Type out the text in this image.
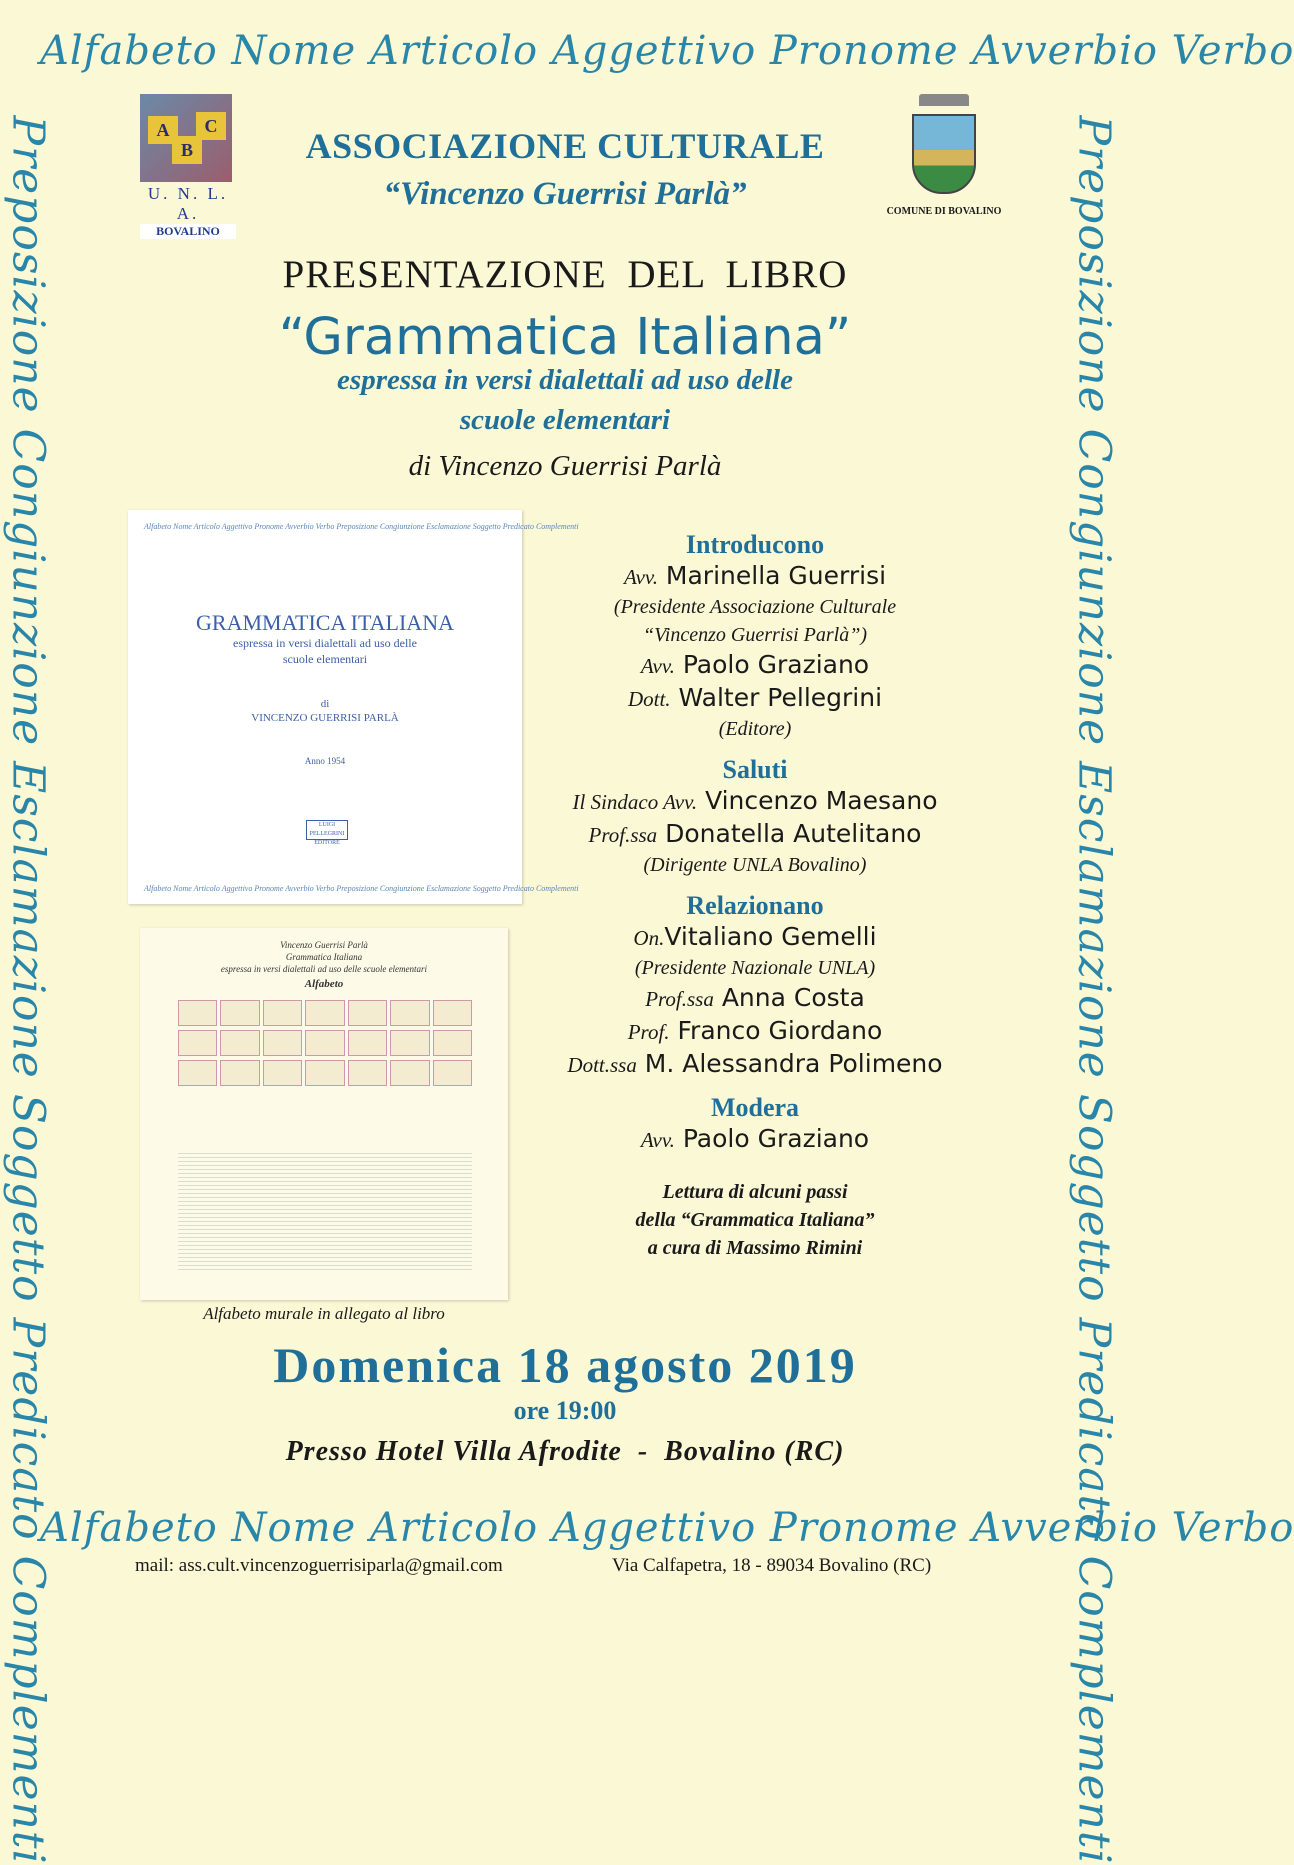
Alfabeto Nome Articolo Aggettivo Pronome Avverbio Verbo
Alfabeto Nome Articolo Aggettivo Pronome Avverbio Verbo
Preposizione Congiunzione Esclamazione Soggetto Predicato Complementi	Preposizione Congiunzione Esclamazione Soggetto Predicato Complementi
A
B
C
U. N. L. A.
BOVALINO
COMUNE DI BOVALINO
ASSOCIAZIONE CULTURALE
“Vincenzo Guerrisi Parlà”
PRESENTAZIONE DEL LIBRO
“Grammatica Italiana”
espressa in versi dialettali ad uso delle
scuole elementari
di Vincenzo Guerrisi Parlà
Alfabeto Nome Articolo Aggettivo Pronome Avverbio Verbo Preposizione Congiunzione Esclamazione Soggetto Predicato Complementi
Alfabeto Nome Articolo Aggettivo Pronome Avverbio Verbo Preposizione Congiunzione Esclamazione Soggetto Predicato Complementi
GRAMMATICA ITALIANA
espressa in versi dialettali ad uso delle
scuole elementari
di
VINCENZO GUERRISI PARLÀ
Anno 1954
LUIGI PELLEGRINI EDITORE
Vincenzo Guerrisi Parlà
Grammatica Italiana
espressa in versi dialettali ad uso delle scuole elementari
Alfabeto
Alfabeto murale in allegato al libro
Introducono
Avv. Marinella Guerrisi
(Presidente Associazione Culturale
“Vincenzo Guerrisi Parlà”)
Avv. Paolo Graziano
Dott. Walter Pellegrini
(Editore)
Saluti
Il Sindaco Avv. Vincenzo Maesano
Prof.ssa Donatella Autelitano
(Dirigente UNLA Bovalino)
Relazionano
On.Vitaliano Gemelli
(Presidente Nazionale UNLA)
Prof.ssa Anna Costa
Prof. Franco Giordano
Dott.ssa M. Alessandra Polimeno
Modera
Avv. Paolo Graziano
Lettura di alcuni passi
della “Grammatica Italiana”
a cura di Massimo Rimini
Domenica 18 agosto 2019
ore 19:00
Presso Hotel Villa Afrodite  -  Bovalino (RC)
mail: ass.cult.vincenzoguerrisiparla@gmail.com	Via Calfapetra, 18 - 89034 Bovalino (RC)
